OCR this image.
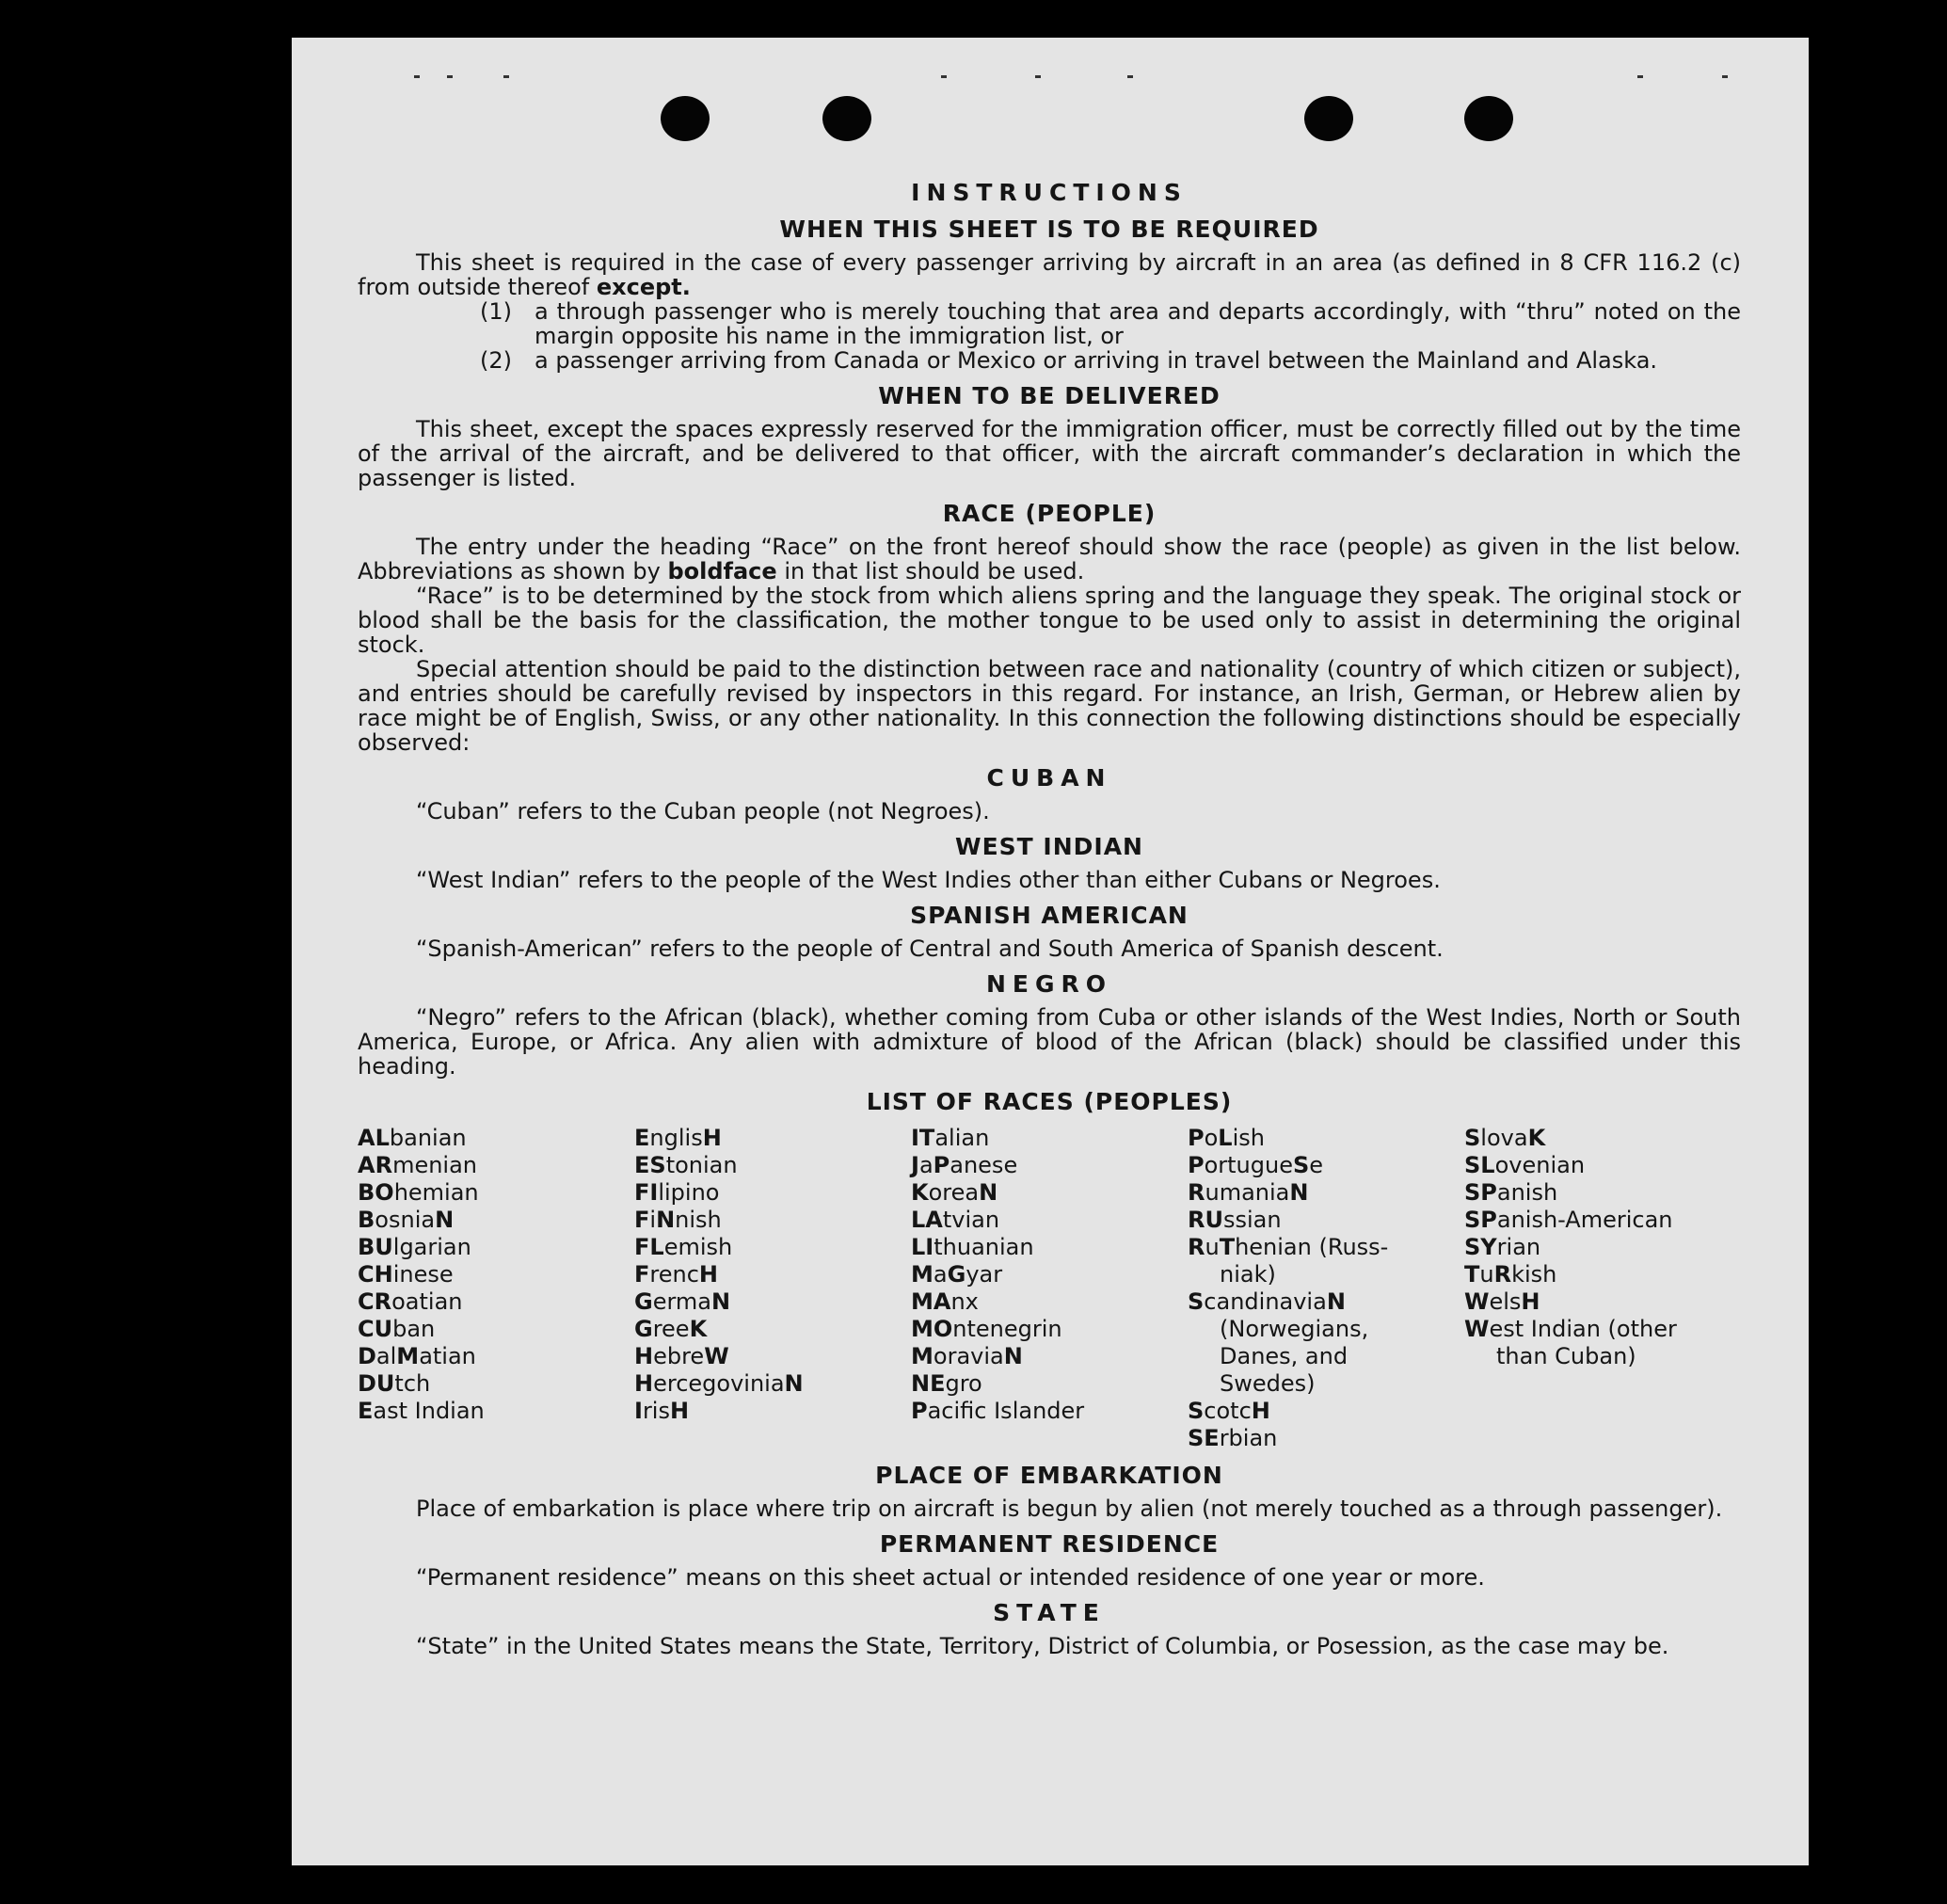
INSTRUCTIONS
WHEN THIS SHEET IS TO BE REQUIRED

This sheet is required in the case of every passenger arriving by aircraft in an area (as defined in 8 CFR 116.2 (c) from outside thereof except.

(1)	a through passenger who is merely touching that area and departs accordingly, with “thru” noted on the margin opposite his name in the immigration list, or
(2)	a passenger arriving from Canada or Mexico or arriving in travel between the Mainland and Alaska.
WHEN TO BE DELIVERED

This sheet, except the spaces expressly reserved for the immigration officer, must be correctly filled out by the time of the arrival of the aircraft, and be delivered to that officer, with the aircraft commander’s declaration in which the passenger is listed.

RACE (PEOPLE)

The entry under the heading “Race” on the front hereof should show the race (people) as given in the list below. Abbreviations as shown by boldface in that list should be used.

“Race” is to be determined by the stock from which aliens spring and the language they speak. The original stock or blood shall be the basis for the classification, the mother tongue to be used only to assist in determining the original stock.

Special attention should be paid to the distinction between race and nationality (country of which citizen or subject), and entries should be carefully revised by inspectors in this regard. For instance, an Irish, German, or Hebrew alien by race might be of English, Swiss, or any other nationality. In this connection the following distinctions should be especially observed:

CUBAN

“Cuban” refers to the Cuban people (not Negroes).

WEST INDIAN

“West Indian” refers to the people of the West Indies other than either Cubans or Negroes.

SPANISH AMERICAN

“Spanish-American” refers to the people of Central and South America of Spanish descent.

NEGRO

“Negro” refers to the African (black), whether coming from Cuba or other islands of the West Indies, North or South America, Europe, or Africa. Any alien with admixture of blood of the African (black) should be classified under this heading.

LIST OF RACES (PEOPLES)
ALbanian
ARmenian
BOhemian
BosniaN
BUlgarian
CHinese
CRoatian
CUban
DalMatian
DUtch
East Indian
EnglisH
EStonian
FIlipino
FiNnish
FLemish
FrencH
GermaN
GreeK
HebreW
HercegoviniaN
IrisH
ITalian
JaPanese
KoreaN
LAtvian
LIthuanian
MaGyar
MAnx
MOntenegrin
MoraviaN
NEgro
Pacific Islander
PoLish
PortugueSe
RumaniaN
RUssian
RuThenian (Russ-
niak)
ScandinaviaN
(Norwegians,
Danes, and
Swedes)
ScotcH
SErbian
SlovaK
SLovenian
SPanish
SPanish-American
SYrian
TuRkish
WelsH
West Indian (other
than Cuban)
PLACE OF EMBARKATION

Place of embarkation is place where trip on aircraft is begun by alien (not merely touched as a through passenger).

PERMANENT RESIDENCE

“Permanent residence” means on this sheet actual or intended residence of one year or more.

STATE

“State” in the United States means the State, Territory, District of Columbia, or Posession, as the case may be.
